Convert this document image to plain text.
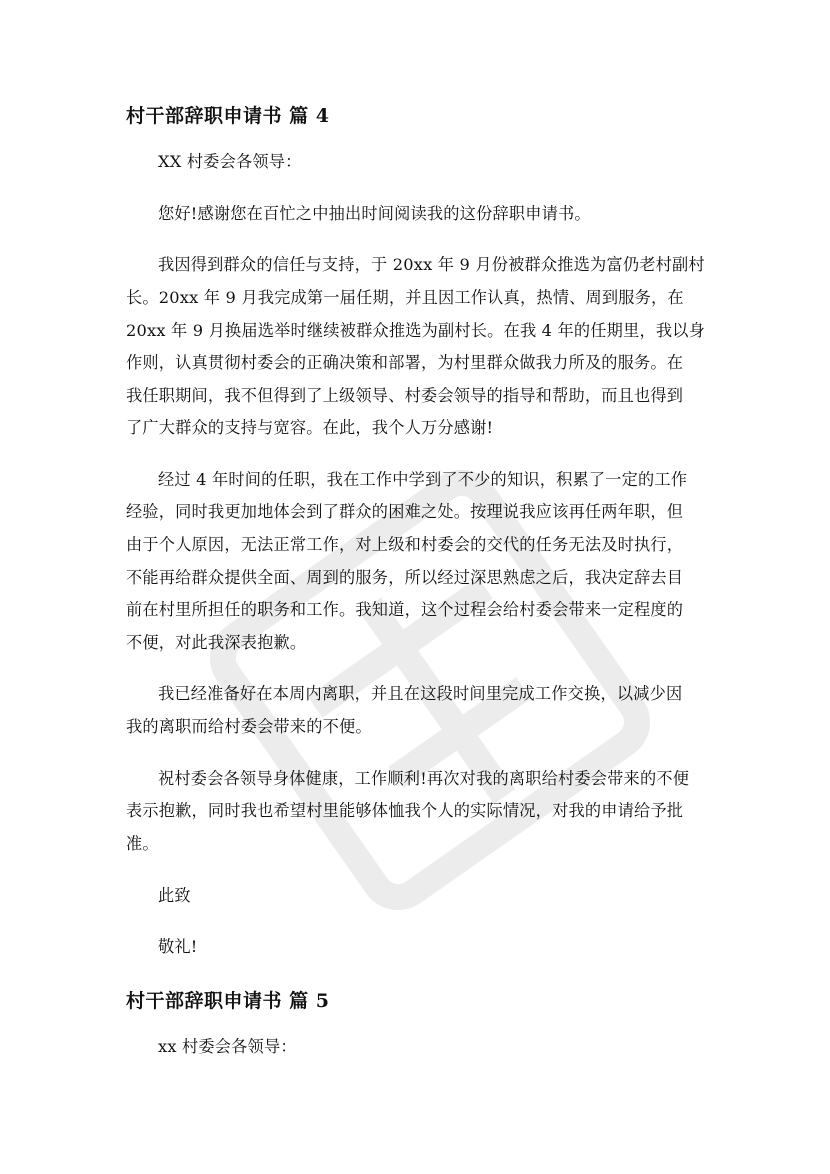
村干部辞职申请书 篇 4

XX 村委会各领导：

您好!感谢您在百忙之中抽出时间阅读我的这份辞职申请书。

我因得到群众的信任与支持，于 20xx 年 9 月份被群众推选为富仍老村副村

长。20xx 年 9 月我完成第一届任期，并且因工作认真，热情、周到服务，在

20xx 年 9 月换届选举时继续被群众推选为副村长。在我 4 年的任期里，我以身

作则，认真贯彻村委会的正确决策和部署，为村里群众做我力所及的服务。在

我任职期间，我不但得到了上级领导、村委会领导的指导和帮助，而且也得到

了广大群众的支持与宽容。在此，我个人万分感谢!

经过 4 年时间的任职，我在工作中学到了不少的知识，积累了一定的工作

经验，同时我更加地体会到了群众的困难之处。按理说我应该再任两年职，但

由于个人原因，无法正常工作，对上级和村委会的交代的任务无法及时执行，

不能再给群众提供全面、周到的服务，所以经过深思熟虑之后，我决定辞去目

前在村里所担任的职务和工作。我知道，这个过程会给村委会带来一定程度的

不便，对此我深表抱歉。

我已经准备好在本周内离职，并且在这段时间里完成工作交换，以减少因

我的离职而给村委会带来的不便。

祝村委会各领导身体健康，工作顺利!再次对我的离职给村委会带来的不便

表示抱歉，同时我也希望村里能够体恤我个人的实际情况，对我的申请给予批

准。

此致

敬礼!

村干部辞职申请书 篇 5

xx 村委会各领导：
